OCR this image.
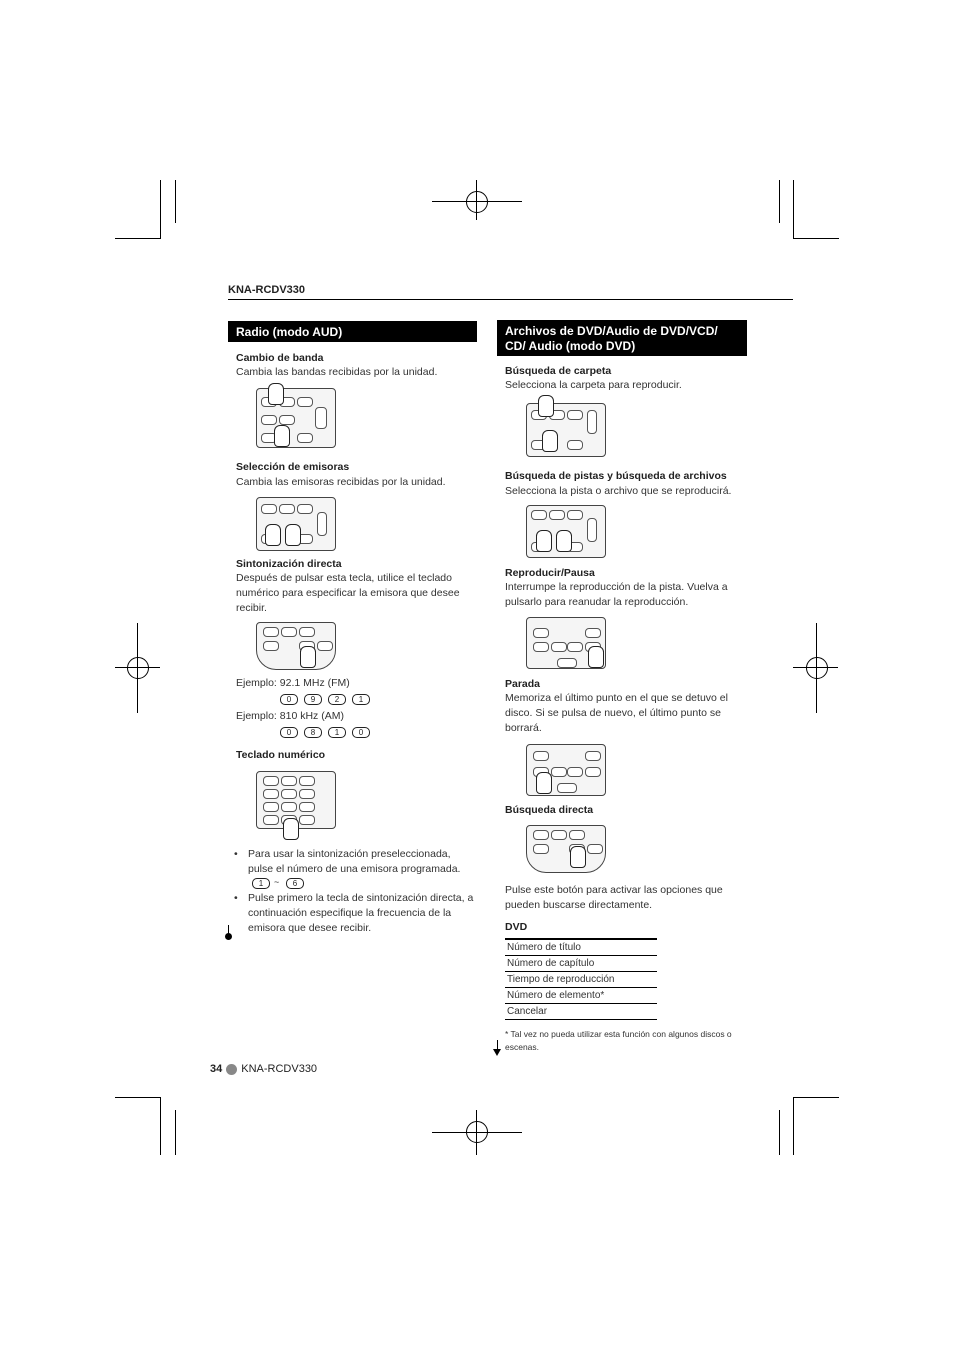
KNA-RCDV330
Radio (modo AUD)
Cambio de banda
Cambia las bandas recibidas por la unidad.
Selección de emisoras
Cambia las emisoras recibidas por la unidad.
Sintonización directa
Después de pulsar esta tecla, utilice el teclado numérico para especificar la emisora que desee recibir.
Ejemplo: 92.1 MHz (FM)
0	9	2	1
Ejemplo: 810 kHz (AM)
0	8	1	0
Teclado numérico
• Para usar la sintonización preseleccionada, pulse el número de una emisora programada.
1	~	6
• Pulse primero la tecla de sintonización directa, a continuación especifique la frecuencia de la emisora que desee recibir.
Archivos de DVD/Audio de DVD/VCD/ CD/ Audio (modo DVD)
Búsqueda de carpeta
Selecciona la carpeta para reproducir.
Búsqueda de pistas y búsqueda de archivos
Selecciona la pista o archivo que se reproducirá.
Reproducir/Pausa
Interrumpe la reproducción de la pista. Vuelva a pulsarlo para reanudar la reproducción.
Parada
Memoriza el último punto en el que se detuvo el disco. Si se pulsa de nuevo, el último punto se borrará.
Búsqueda directa
Pulse este botón para activar las opciones que pueden buscarse directamente.
DVD
Número de título
Número de capítulo
Tiempo de reproducción
Número de elemento*
Cancelar
* Tal vez no pueda utilizar esta función con algunos discos o escenas.
34 KNA-RCDV330
